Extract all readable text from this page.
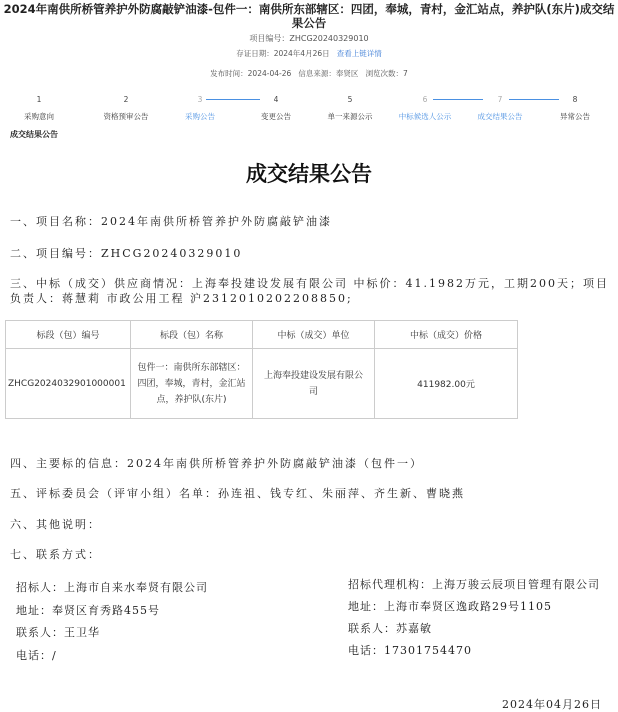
2024年南供所桥管养护外防腐敲铲油漆-包件一：南供所东部辖区：四团，奉城，青村，金汇站点，养护队(东片)成交结果公告
项目编号：ZHCG20240329010
存证日期：2024年4月26日 查看上链详情
发布时间：2024-04-26 信息来源：奉贤区 浏览次数：7
1	2	3	4	5	6	7	8
采购意向	资格预审公告	采购公告	变更公告	单一来源公示	中标候选人公示	成交结果公告	异常公告
成交结果公告
成交结果公告
一、项目名称：2024年南供所桥管养护外防腐敲铲油漆
二、项目编号：ZHCG20240329010
三、中标（成交）供应商情况：上海奉投建设发展有限公司 中标价：41.1982万元，工期200天；项目负责人：蒋慧莉 市政公用工程 沪2312010202208850;
标段（包）编号	标段（包）名称	中标（成交）单位	中标（成交）价格
ZHCG2024032901000001	包件一：南供所东部辖区：四团，奉城，青村，金汇站点，养护队(东片)	上海奉投建设发展有限公司	411982.00元
四、主要标的信息：2024年南供所桥管养护外防腐敲铲油漆（包件一）
五、评标委员会（评审小组）名单：孙连祖、钱专红、朱丽萍、齐生新、曹晓燕
六、其他说明：
七、联系方式：
招标人：上海市自来水奉贤有限公司
地址：奉贤区育秀路455号
联系人：王卫华
电话：/
招标代理机构：上海万骏云辰项目管理有限公司
地址：上海市奉贤区逸政路29号1105
联系人：苏嘉敏
电话：17301754470
2024年04月26日
